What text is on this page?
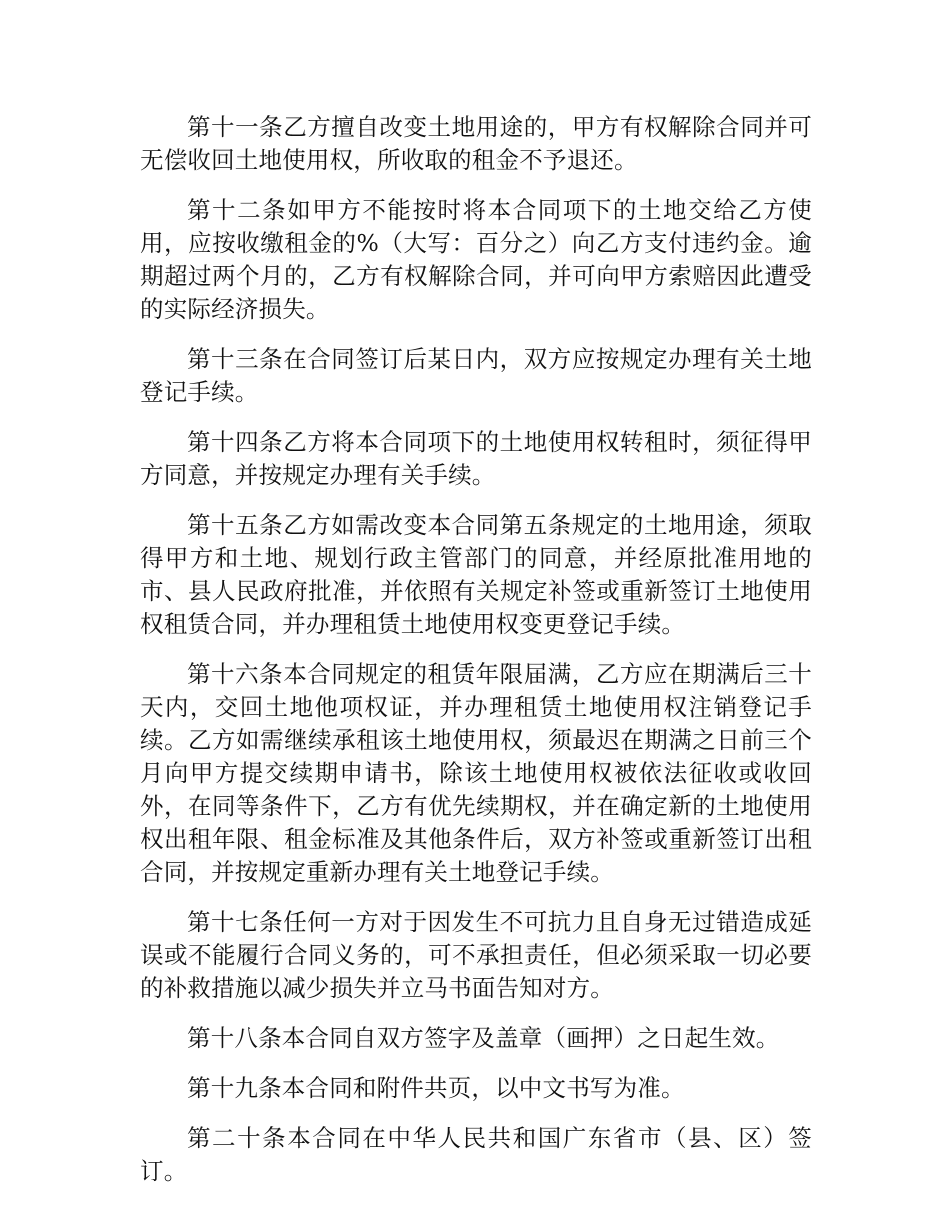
第十一条乙方擅自改变土地用途的，甲方有权解除合同并可无偿收回土地使用权，所收取的租金不予退还。

第十二条如甲方不能按时将本合同项下的土地交给乙方使用，应按收缴租金的%（大写：百分之）向乙方支付违约金。逾期超过两个月的，乙方有权解除合同，并可向甲方索赔因此遭受的实际经济损失。

第十三条在合同签订后某日内，双方应按规定办理有关土地登记手续。

第十四条乙方将本合同项下的土地使用权转租时，须征得甲方同意，并按规定办理有关手续。

第十五条乙方如需改变本合同第五条规定的土地用途，须取得甲方和土地、规划行政主管部门的同意，并经原批准用地的市、县人民政府批准，并依照有关规定补签或重新签订土地使用权租赁合同，并办理租赁土地使用权变更登记手续。

第十六条本合同规定的租赁年限届满，乙方应在期满后三十天内，交回土地他项权证，并办理租赁土地使用权注销登记手续。乙方如需继续承租该土地使用权，须最迟在期满之日前三个月向甲方提交续期申请书，除该土地使用权被依法征收或收回外，在同等条件下，乙方有优先续期权，并在确定新的土地使用权出租年限、租金标准及其他条件后，双方补签或重新签订出租合同，并按规定重新办理有关土地登记手续。

第十七条任何一方对于因发生不可抗力且自身无过错造成延误或不能履行合同义务的，可不承担责任，但必须采取一切必要的补救措施以减少损失并立马书面告知对方。

第十八条本合同自双方签字及盖章（画押）之日起生效。

第十九条本合同和附件共页，以中文书写为准。

第二十条本合同在中华人民共和国广东省市（县、区）签订。
